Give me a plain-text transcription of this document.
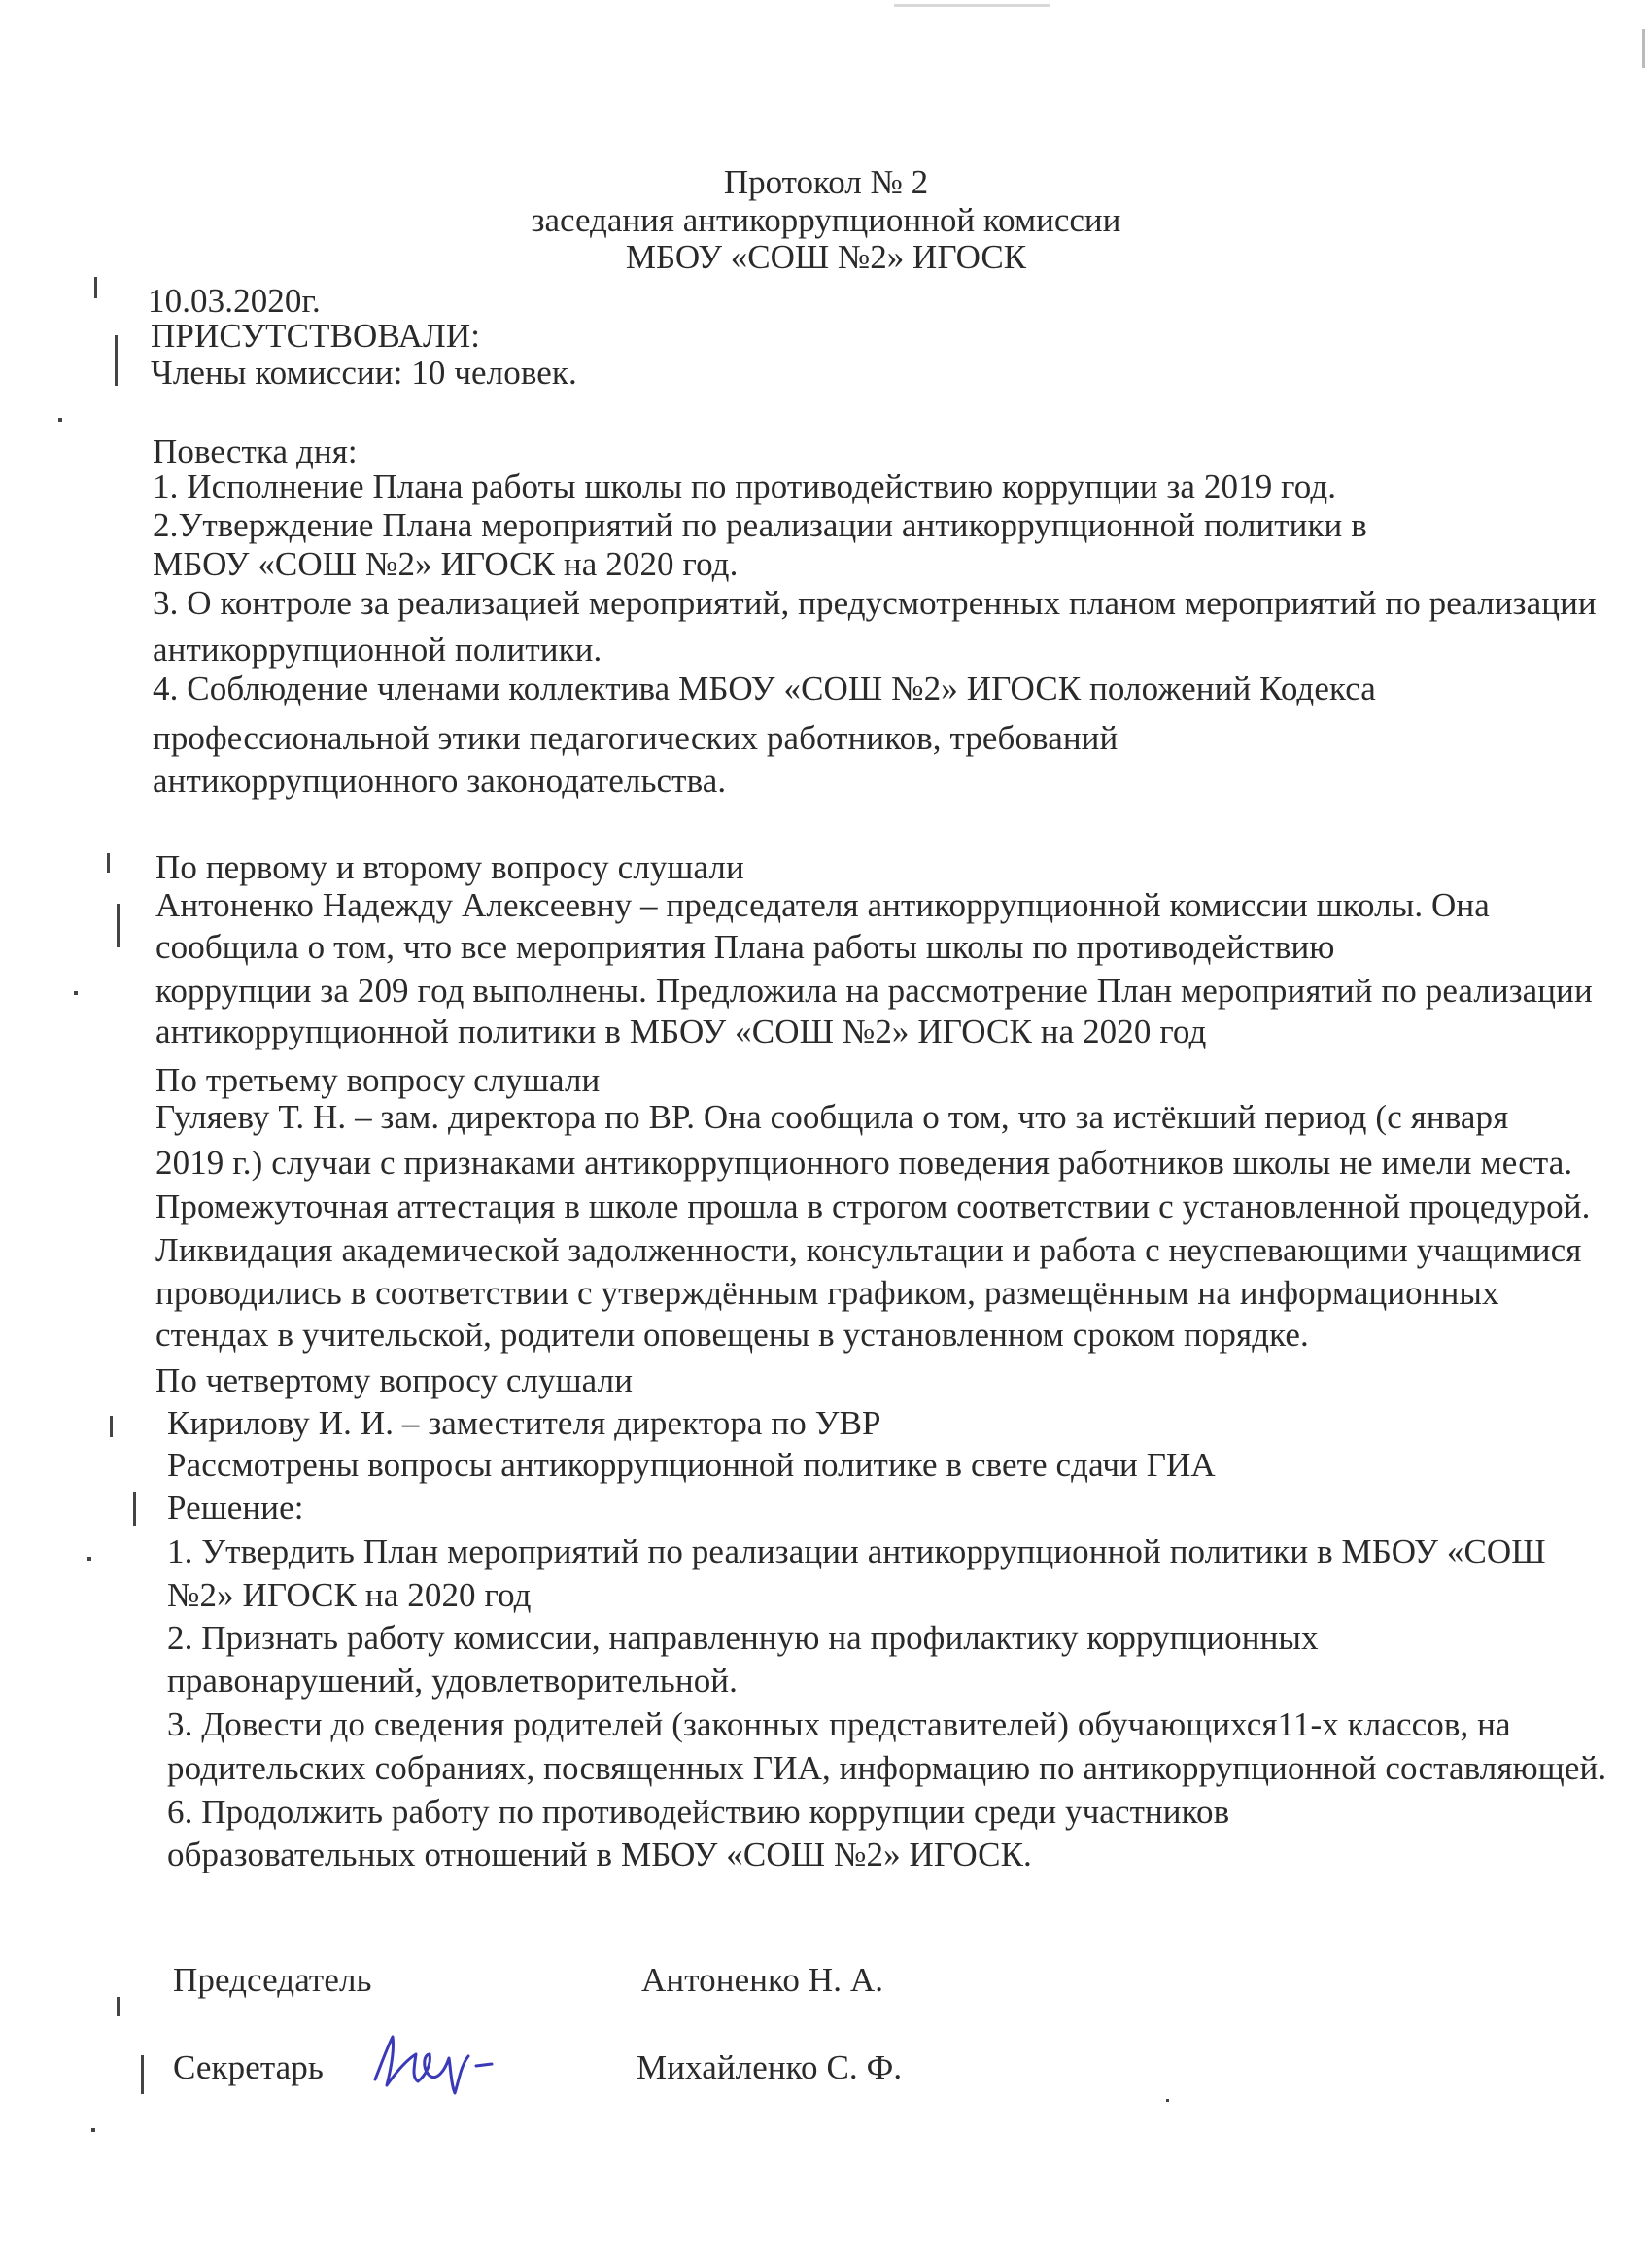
Протокол № 2
заседания антикоррупционной комиссии
МБОУ «СОШ №2» ИГОСК
10.03.2020г.
ПРИСУТСТВОВАЛИ:
Члены комиссии: 10 человек.
Повестка дня:
1. Исполнение Плана работы школы по противодействию коррупции за 2019 год.
2.Утверждение Плана мероприятий по реализации антикоррупционной политики в
МБОУ «СОШ №2» ИГОСК на 2020 год.
3. О контроле за реализацией мероприятий, предусмотренных планом мероприятий по реализации
антикоррупционной политики.
4. Соблюдение членами коллектива МБОУ «СОШ №2» ИГОСК положений Кодекса
профессиональной этики педагогических работников, требований
антикоррупционного законодательства.
По первому и второму вопросу слушали
Антоненко Надежду Алексеевну – председателя антикоррупционной комиссии школы. Она
сообщила о том, что все мероприятия Плана работы школы по противодействию
коррупции за 209 год выполнены. Предложила на рассмотрение План мероприятий по реализации
антикоррупционной политики в МБОУ «СОШ №2» ИГОСК на 2020 год
По третьему вопросу слушали
Гуляеву Т. Н. – зам. директора по ВР. Она сообщила о том, что за истёкший период (с января
2019 г.) случаи с признаками антикоррупционного поведения работников школы не имели места.
Промежуточная аттестация в школе прошла в строгом соответствии с установленной процедурой.
Ликвидация академической задолженности, консультации и работа с неуспевающими учащимися
проводились в соответствии с утверждённым графиком, размещённым на информационных
стендах в учительской, родители оповещены в установленном сроком порядке.
По четвертому вопросу слушали
Кирилову И. И. – заместителя директора по УВР
Рассмотрены вопросы антикоррупционной политике в свете сдачи ГИА
Решение:
1. Утвердить План мероприятий по реализации антикоррупционной политики в МБОУ «СОШ
№2» ИГОСК на 2020 год
2. Признать работу комиссии, направленную на профилактику коррупционных
правонарушений, удовлетворительной.
3. Довести до сведения родителей (законных представителей) обучающихся11-х классов, на
родительских собраниях, посвященных ГИА, информацию по антикоррупционной составляющей.
6. Продолжить работу по противодействию коррупции среди участников
образовательных отношений в МБОУ «СОШ №2» ИГОСК.
Председатель	Антоненко Н. А.
Секретарь	Михайленко С. Ф.
